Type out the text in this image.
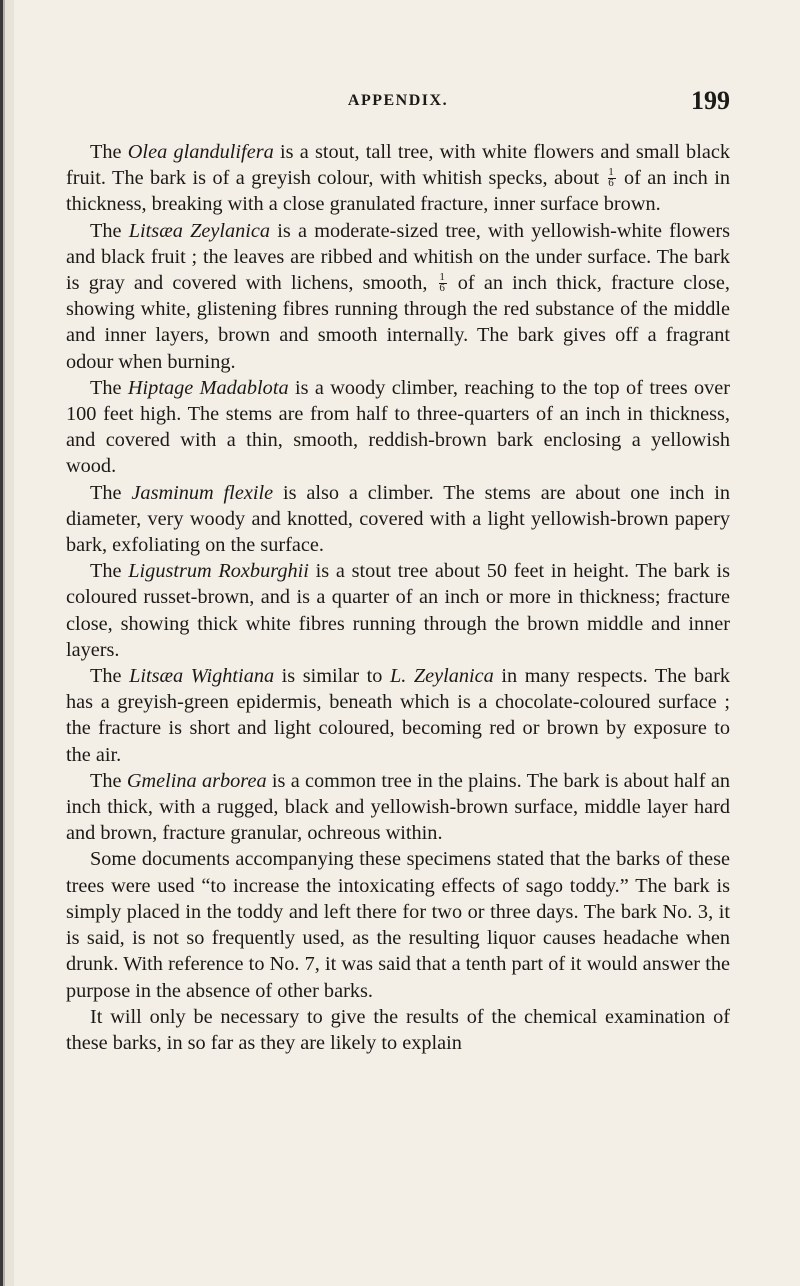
APPENDIX.	199

The Olea glandulifera is a stout, tall tree, with white flowers and small black fruit. The bark is of a greyish colour, with whitish specks, about $\frac{1}{6}$ of an inch in thickness, breaking with a close granulated fracture, inner surface brown.

The Litsæa Zeylanica is a moderate-sized tree, with yellowish-white flowers and black fruit ; the leaves are ribbed and whitish on the under surface. The bark is gray and covered with lichens, smooth, $\frac{1}{6}$ of an inch thick, fracture close, showing white, glistening fibres running through the red substance of the middle and inner layers, brown and smooth internally. The bark gives off a fragrant odour when burning.

The Hiptage Madablota is a woody climber, reaching to the top of trees over 100 feet high. The stems are from half to three-quarters of an inch in thickness, and covered with a thin, smooth, reddish-brown bark enclosing a yellowish wood.

The Jasminum flexile is also a climber. The stems are about one inch in diameter, very woody and knotted, covered with a light yellowish-brown papery bark, exfoliating on the surface.

The Ligustrum Roxburghii is a stout tree about 50 feet in height. The bark is coloured russet-brown, and is a quarter of an inch or more in thickness; fracture close, showing thick white fibres running through the brown middle and inner layers.

The Litsæa Wightiana is similar to L. Zeylanica in many respects. The bark has a greyish-green epidermis, beneath which is a chocolate-coloured surface ; the fracture is short and light coloured, becoming red or brown by exposure to the air.

The Gmelina arborea is a common tree in the plains. The bark is about half an inch thick, with a rugged, black and yellowish-brown surface, middle layer hard and brown, fracture granular, ochreous within.

Some documents accompanying these specimens stated that the barks of these trees were used “to increase the intoxicating effects of sago toddy.” The bark is simply placed in the toddy and left there for two or three days. The bark No. 3, it is said, is not so frequently used, as the resulting liquor causes headache when drunk. With reference to No. 7, it was said that a tenth part of it would answer the purpose in the absence of other barks.

It will only be necessary to give the results of the chemical examination of these barks, in so far as they are likely to explain
